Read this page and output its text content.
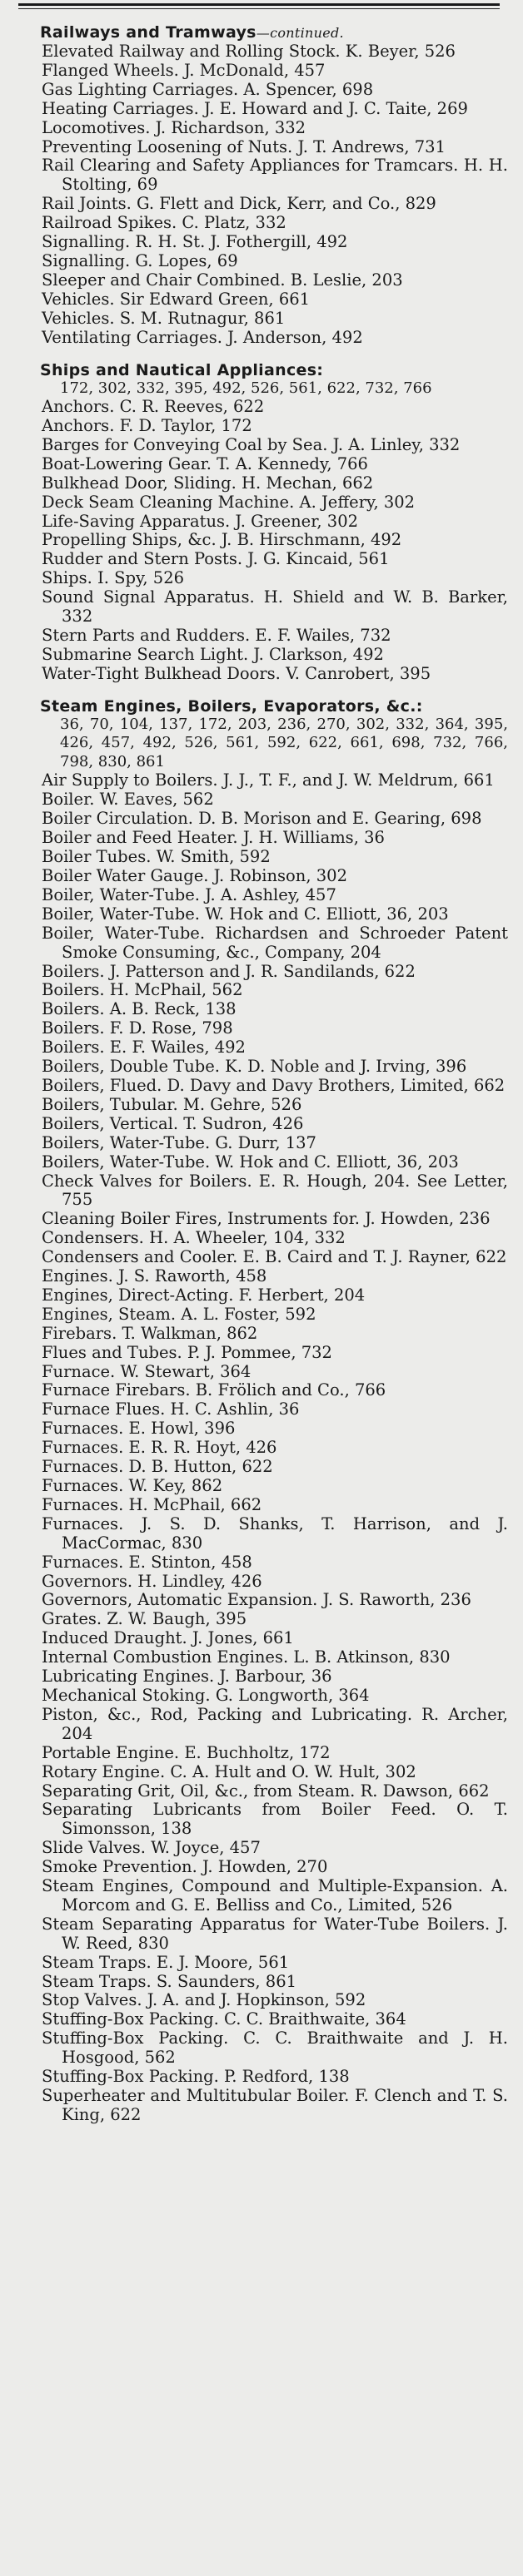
Railways and Tramways—continued.
Elevated Railway and Rolling Stock. K. Beyer, 526
Flanged Wheels. J. McDonald, 457
Gas Lighting Carriages. A. Spencer, 698
Heating Carriages. J. E. Howard and J. C. Taite, 269
Locomotives. J. Richardson, 332
Preventing Loosening of Nuts. J. T. Andrews, 731
Rail Clearing and Safety Appliances for Tramcars. H. H. Stolting, 69
Rail Joints. G. Flett and Dick, Kerr, and Co., 829
Railroad Spikes. C. Platz, 332
Signalling. R. H. St. J. Fothergill, 492
Signalling. G. Lopes, 69
Sleeper and Chair Combined. B. Leslie, 203
Vehicles. Sir Edward Green, 661
Vehicles. S. M. Rutnagur, 861
Ventilating Carriages. J. Anderson, 492
Ships and Nautical Appliances:
172, 302, 332, 395, 492, 526, 561, 622, 732, 766
Anchors. C. R. Reeves, 622
Anchors. F. D. Taylor, 172
Barges for Conveying Coal by Sea. J. A. Linley, 332
Boat-Lowering Gear. T. A. Kennedy, 766
Bulkhead Door, Sliding. H. Mechan, 662
Deck Seam Cleaning Machine. A. Jeffery, 302
Life-Saving Apparatus. J. Greener, 302
Propelling Ships, &c. J. B. Hirschmann, 492
Rudder and Stern Posts. J. G. Kincaid, 561
Ships. I. Spy, 526
Sound Signal Apparatus. H. Shield and W. B. Barker, 332
Stern Parts and Rudders. E. F. Wailes, 732
Submarine Search Light. J. Clarkson, 492
Water-Tight Bulkhead Doors. V. Canrobert, 395
Steam Engines, Boilers, Evaporators, &c.:
36, 70, 104, 137, 172, 203, 236, 270, 302, 332, 364, 395, 426, 457, 492, 526, 561, 592, 622, 661, 698, 732, 766, 798, 830, 861
Air Supply to Boilers. J. J., T. F., and J. W. Meldrum, 661
Boiler. W. Eaves, 562
Boiler Circulation. D. B. Morison and E. Gearing, 698
Boiler and Feed Heater. J. H. Williams, 36
Boiler Tubes. W. Smith, 592
Boiler Water Gauge. J. Robinson, 302
Boiler, Water-Tube. J. A. Ashley, 457
Boiler, Water-Tube. W. Hok and C. Elliott, 36, 203
Boiler, Water-Tube. Richardsen and Schroeder Patent Smoke Consuming, &c., Company, 204
Boilers. J. Patterson and J. R. Sandilands, 622
Boilers. H. McPhail, 562
Boilers. A. B. Reck, 138
Boilers. F. D. Rose, 798
Boilers. E. F. Wailes, 492
Boilers, Double Tube. K. D. Noble and J. Irving, 396
Boilers, Flued. D. Davy and Davy Brothers, Limited, 662
Boilers, Tubular. M. Gehre, 526
Boilers, Vertical. T. Sudron, 426
Boilers, Water-Tube. G. Durr, 137
Boilers, Water-Tube. W. Hok and C. Elliott, 36, 203
Check Valves for Boilers. E. R. Hough, 204. See Letter, 755
Cleaning Boiler Fires, Instruments for. J. Howden, 236
Condensers. H. A. Wheeler, 104, 332
Condensers and Cooler. E. B. Caird and T. J. Rayner, 622
Engines. J. S. Raworth, 458
Engines, Direct-Acting. F. Herbert, 204
Engines, Steam. A. L. Foster, 592
Firebars. T. Walkman, 862
Flues and Tubes. P. J. Pommee, 732
Furnace. W. Stewart, 364
Furnace Firebars. B. Frölich and Co., 766
Furnace Flues. H. C. Ashlin, 36
Furnaces. E. Howl, 396
Furnaces. E. R. R. Hoyt, 426
Furnaces. D. B. Hutton, 622
Furnaces. W. Key, 862
Furnaces. H. McPhail, 662
Furnaces. J. S. D. Shanks, T. Harrison, and J. MacCormac, 830
Furnaces. E. Stinton, 458
Governors. H. Lindley, 426
Governors, Automatic Expansion. J. S. Raworth, 236
Grates. Z. W. Baugh, 395
Induced Draught. J. Jones, 661
Internal Combustion Engines. L. B. Atkinson, 830
Lubricating Engines. J. Barbour, 36
Mechanical Stoking. G. Longworth, 364
Piston, &c., Rod, Packing and Lubricating. R. Archer, 204
Portable Engine. E. Buchholtz, 172
Rotary Engine. C. A. Hult and O. W. Hult, 302
Separating Grit, Oil, &c., from Steam. R. Dawson, 662
Separating Lubricants from Boiler Feed. O. T. Simonsson, 138
Slide Valves. W. Joyce, 457
Smoke Prevention. J. Howden, 270
Steam Engines, Compound and Multiple-Expansion. A. Morcom and G. E. Belliss and Co., Limited, 526
Steam Separating Apparatus for Water-Tube Boilers. J. W. Reed, 830
Steam Traps. E. J. Moore, 561
Steam Traps. S. Saunders, 861
Stop Valves. J. A. and J. Hopkinson, 592
Stuffing-Box Packing. C. C. Braithwaite, 364
Stuffing-Box Packing. C. C. Braithwaite and J. H. Hosgood, 562
Stuffing-Box Packing. P. Redford, 138
Superheater and Multitubular Boiler. F. Clench and T. S. King, 622
